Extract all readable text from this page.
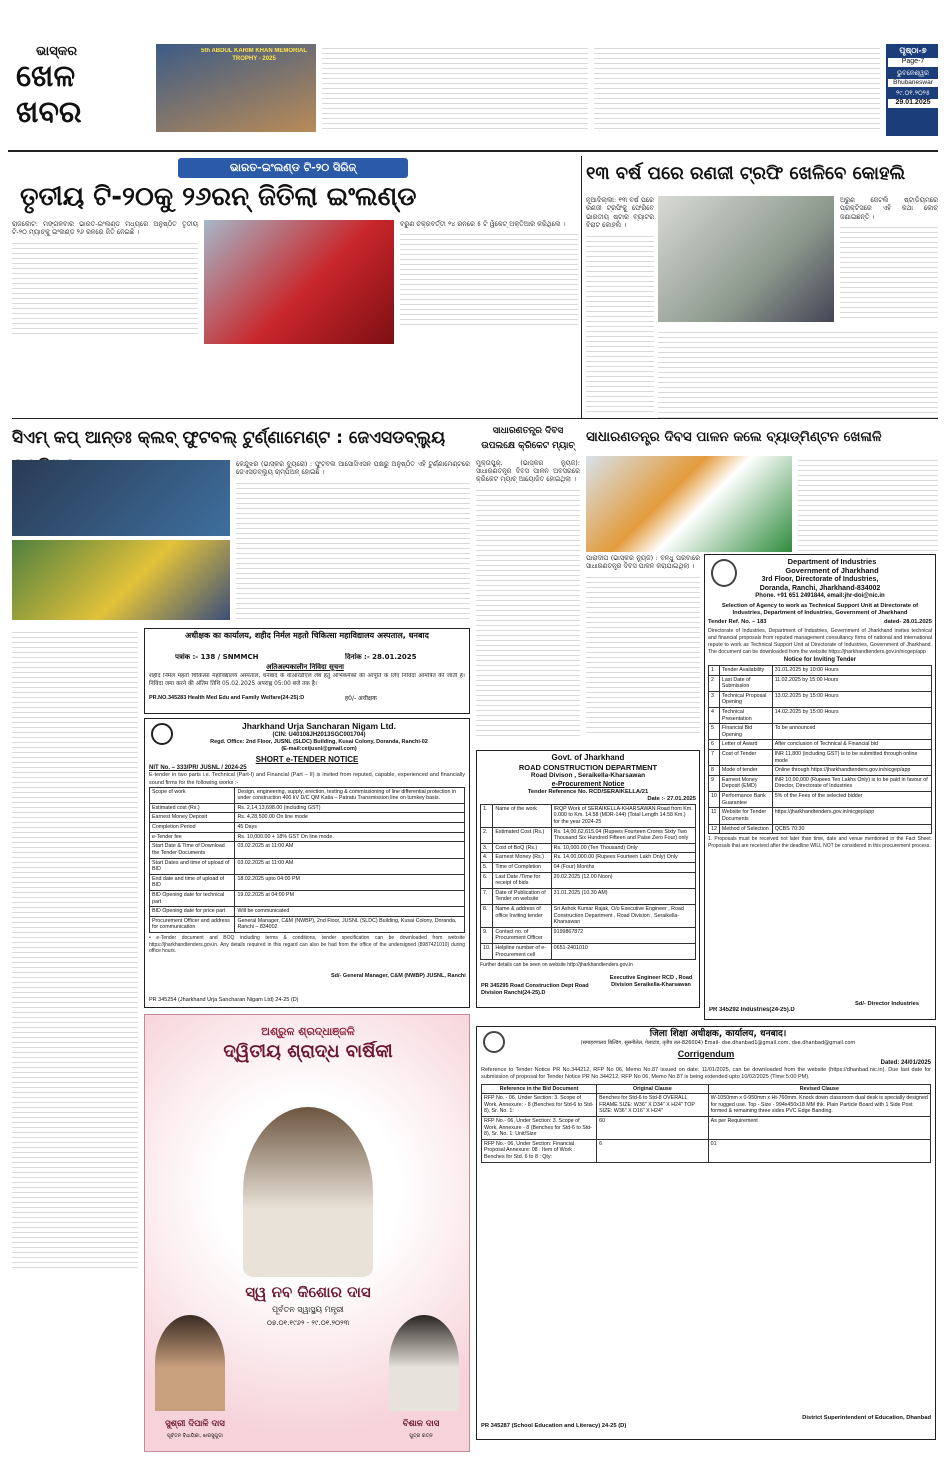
ଭାସ୍କର
ଖେଳ
ଖବର
5th ABDUL KARIM KHAN MEMORIAL TROPHY - 2025
ପୃଷ୍ଠା-୭
Page-7
ଭୁବନେଶ୍ୱର
Bhubaneswar
୨୯.୦୧.୨୦୨୫
29.01.2025
ଭାରତ-ଇଂଲଣ୍ଡ ଟି-୨୦ ସିରିଜ୍
ତୃତୀୟ ଟି-୨୦କୁ ୨୬ରନ୍ ଜିତିଲା ଇଂଲଣ୍ଡ
ରାଜକୋଟ: ମଙ୍ଗଳବାର ଭାରତ-ଇଂଲଣ୍ଡ ମଧ୍ୟରେ ଅନୁଷ୍ଠିତ ତୃତୀୟ ଟି-୨୦ ମ୍ୟାଚ୍‌କୁ ଇଂଲଣ୍ଡ ୨୬ ରନରେ ଜିତି ନେଇଛି ।
ବରୁଣ ଚକ୍ରବର୍ତ୍ତୀ ୨୪ ରନରେ ୫ ଟି ୱିକେଟ୍ ଅକ୍ତିଆର କରିଥିଲେ ।
୧୩ ବର୍ଷ ପରେ ରଣଜୀ ଟ୍ରଫି ଖେଳିବେ କୋହଲି
ନୂଆଦିଲ୍ଲୀ: ୧୩ ବର୍ଷ ପରେ ରଣଜୀ ଟ୍ରଫିକୁ ଫେରିବେ ଭାରତୀୟ ଷ୍ଟାର ବ୍ୟାଟର ବିରାଟ କୋହଲି ।
ଅରୁଣ ଜେଟଲି ଷ୍ଟାଡିୟମରେ ପ୍ରାକ୍ଟିସରେ ଏହି କଥା କୋଚ୍ ଜଣାଇଛନ୍ତି ।
ସିଏମ୍ କପ୍ ଆନ୍ତଃ କ୍ଲବ୍ ଫୁଟବଲ୍ ଟୁର୍ଣ୍ଣାମେଣ୍ଟ : ଜେଏସଡବ୍ଲ୍ୟୁ
କେନ୍ଦୁଝର (ଭାସ୍କର ବ୍ୟୁରୋ) : ଫୁଟବଲ ଆସୋସିଏସନ ପକ୍ଷରୁ ଅନୁଷ୍ଠିତ ଏହି ଟୁର୍ଣ୍ଣାମେଣ୍ଟରେ ଜେଏସଡବ୍ଲ୍ୟୁ ଚାମ୍ପିଅନ୍ ହୋଇଛି ।
ସାଧାରଣତନ୍ତ୍ର ଦିବସ
ଉପଲକ୍ଷେ କ୍ରିକେଟ ମ୍ୟାଚ୍
ମୁକ୍ତାପୁର୍, (ଭାସ୍କର ନ୍ୟୁଜ): ସାଧାରଣତନ୍ତ୍ର ଦିବସ ପାଳନ ଅବସରରେ କ୍ରିକେଟ ମ୍ୟାଚ୍ ଆୟୋଜିତ ହୋଇଥିଲା ।
ସାଧାରଣତନ୍ତ୍ର ଦିବସ ପାଳନ କଲେ ବ୍ୟାଡ୍‌ମିଣ୍ଟନ ଖେଳାଳି
ପାରାଦୀପ (ଭାସ୍କର ନ୍ୟୁଜ) : ବନ୍ଧୁ ପରବାରେ ସାଧାରଣତନ୍ତ୍ର ଦିବସ ପାଳନ କରାଯାଇଥିଲା ।
अधीक्षक का कार्यालय, शहीद निर्मल महतो चिकित्सा महाविद्यालय अस्पताल, धनबाद
पत्रांक :- 138 / SNMMCH	दिनांक :- 28.01.2025
अतिअल्पकालीन निविदा सूचना
शहीद निर्मल महतो चिकित्सा महाविद्यालय अस्पताल, धनबाद के वीआरडीएल लैब हेतु अभिकर्मकों की आपूर्ति के लिए निविदा आमंत्रित की जाती है। निविदा जमा करने की अंतिम तिथि 05.02.2025 अपराह्न 05:00 बजे तक है।
PR.NO.345283 Health Med Edu and Family Welfare(24-25):D	ह0/- अधीक्षक
Jharkhand Urja Sancharan Nigam Ltd.
(CIN: U40108JH2013SGC001704)
Regd. Office: 2nd Floor, JUSNL (SLDC) Building, Kusai Colony, Doranda, Ranchi-02
(E-mail:cetjusnl@gmail.com)
SHORT e-TENDER NOTICE
NIT No. – 333/PR/ JUSNL / 2024-25
E-tender in two parts i.e. Technical (Part-I) and Financial (Part – II) is invited from reputed, capable, experienced and financially sound firms for the following works :-
Scope of work	Design, engineering, supply, erection, testing & commissioning of line differential protection in under construction 400 kV D/C QM Katia – Patratu Transmission line on turnkey basis.
Estimated cost (Rs.)	Rs. 2,14,13,698.00 (including GST)
Earnest Money Deposit	Rs. 4,28,500.00 On line mode
Completion Period	45 Days
e-Tender fee	Rs. 10,000.00 + 18% GST On line mode.
Start Date & Time of Download the Tender Documents	03.02.2025 at 11:00 AM
Start Dates and time of upload of BID	03.02.2025 at 11:00 AM
End date and time of upload of BID	18.02.2025 upto 04:00 PM
BID Opening date for technical part	19.02.2025 at 04:00 PM
BID Opening date for price part	Will be communicated
Procurement Officer and address for communication	General Manager, C&M (NWBP), 2nd Floor, JUSNL (SLDC) Building, Kusai Colony, Doranda, Ranchi – 834002
• e-Tender document and BOQ including terms & conditions, tender specification can be downloaded from website https://jharkhandtenders.gov.in. Any details required in this regard can also be had from the office of the undersigned (8987421010) during office hours.
Sd/- General Manager, C&M (NWBP) JUSNL, Ranchi
PR 345254 (Jharkhand Urja Sancharan Nigam Ltd) 24-25 (D)
Govt. of Jharkhand
ROAD CONSTRUCTION DEPARTMENT
Road Divison , Seraikella-Kharsawan
e-Procurement Notice
Tender Reference No. RCD/SERAIKELLA/21
Date :- 27.01.2025
1.	Name of the work	IRQP Work of SERAIKELLA-KHARSAWAN Road from Km. 0.000 to Km. 14.58 (MDR-144) (Total Length 14.58 Km.) for the year 2024-25
2.	Estimated Cost (Rs.)	Rs. 14,00,62,615.04 (Rupees Fourteen Crores Sixty Two Thousand Six Hundred Fifteen and Paise Zero Four) only
3.	Cost of BoQ (Rs.)	Rs. 10,000.00 (Ten Thousand) Only
4.	Earnest Money (Rs.)	Rs. 14,00,000.00 (Rupees Fourteen Lakh Only) Only
5.	Time of Completion	04 (Four) Months
6.	Last Date /Time for receipt of bids	20.02.2025 (12.00 Noon)
7.	Date of Publication of Tender on website	31.01.2025 (10.30 AM)
8.	Name & address of office Inviting tender	Sri Ashok Kumar Rajak, O/o Executive Engineer , Road Construction Department , Road Division , Seraikella-Kharsawan
9.	Contact no. of Procurement Officer	9199867872
10.	Helpline number of e-Procurement cell	0651-2401010
Further details can be seen on website http://jharkhandtenders.gov.in
Executive Engineer RCD , Road Division Seraikella-Kharsawan
PR 345295 Road Construction Dept Road Division Ranchi(24-25).D
Department of Industries
Government of Jharkhand
3rd Floor, Directorate of Industries,
Doranda, Ranchi, Jharkhand-834002
Phone. +91 651 2491844, email:jhr-doi@nic.in
Selection of Agency to work as Technical Support Unit at Directorate of Industries, Department of Industries, Government of Jharkhand
Tender Ref. No. – 183	dated- 28.01.2025
Directorate of Industries, Department of Industries, Government of Jharkhand invites technical and financial proposals from reputed management consultancy firms of national and international repute to work as Technical Support Unit at Directorate of Industries, Government of Jharkhand. The document can be downloaded from the website https://jharkhandtenders.gov.in/nicgep/app
Notice for Inviting Tender
1	Tender Availability	31.01.2025 by 10:00 Hours
2	Last Date of Submission	11.02.2025 by 15:00 Hours
3	Technical Proposal Opening	13.02.2025 by 15:00 Hours
4	Technical Presentation	14.02.2025 by 15:00 Hours
5	Financial Bid Opening	To be announced
6	Letter of Award	After conclusion of Technical & Financial bid
7	Cost of Tender	INR 11,800 (including GST) is to be submitted through online mode
8	Mode of tender	Online through https://jharkhandtenders.gov.in/nicgep/app
9	Earnest Money Deposit (EMD)	INR 10,00,000 (Rupees Ten Lakhs Only) is to be paid in favour of Director, Directorate of Industries
10	Performance Bank Guarantee	5% of the Fees of the selected bidder
11	Website for Tender Documents	https://jharkhandtenders.gov.in/nicgep/app
12	Method of Selection	QCBS 70:30
1. Proposals must be received not later than time, date and venue mentioned in the Fact Sheet. Proposals that are received after the deadline WILL NOT be considered in this procurement process.
Sd/- Director Industries
PR 345292 Industries(24-25).D
ଅଶ୍ରୁଳ ଶ୍ରଦ୍ଧାଞ୍ଜଳି
ଦ୍ୱିତୀୟ ଶ୍ରାଦ୍ଧ ବାର୍ଷିକୀ
ସ୍ୱ ନବ କିଶୋର ଦାସ
ପୂର୍ବତନ ସ୍ୱାସ୍ଥ୍ୟ ମନ୍ତ୍ରୀ
୦୭.୦୧.୧୯୬୨ - ୨୯.୦୧.୨୦୨୩
ସୁଶ୍ରୀ ଦିପାଳି ଦାସ
ପୂର୍ବତନ ବିଧାୟିକା, ଝାରସୁଗୁଡା
ବିଶାଳ ଦାସ
ପୁତ୍ର ରତ୍ନ
जिला शिक्षा अधीक्षक, कार्यालय, धनबाद।
(समाहरणालय बिल्डिंग, सुसनीलेल, गेलाटांड, तृतीय तल-826004) Email- dse.dhanbad1@gmail.com, dse.dhanbad@gmail.com
Corrigendum
Dated: 24/01/2025
Reference to Tender Notice PR No.344212, RFP No 06, Memo No.87 issued on date: 11/01/2025, can be downloaded from the website (https://dhanbad.nic.in). Due last date for submission of proposal for Tender Notice PR No.344212, RFP No 06, Memo No.87 is being extended upto 10/02/2025 (Time:5:00 PM).
Reference in the Bid Document	Original Clause	Revised Clause
RFP No. - 06, Under Section: 3. Scope of Work, Annexure: - 8 (Benches for Std-6 to Std-8), Sr. No. 1:	Benches for Std-6 to Std-8 OVERALL FRAME SIZE: W36" X D34" X H24" TOP SIZE: W36" X D16" X H24"	W-1050mm x 0-950mm x Ht-760mm. Knock down classroom dual desk is specially designed for rugged use. Top - Size - 994x450x18 MM thk. Plain Particle Board with 1 Side Post formed & remaining three sides PVC Edge Banding.
RFP No.- 06, Under Section: 3. Scope of Work, Annexure - 8 (Benches for Std-6 to Std-8), Sr. No. 1: Unit/Size	60	As per Requirement
RFP No.- 06, Under Section: Financial Proposal Annexure: 08 : Item of Work : Benches for Std. 6 to 8 : Qty:	6	01
PR 345287 (School Education and Literacy) 24-25 (D)
District Superintendent of Education, Dhanbad
